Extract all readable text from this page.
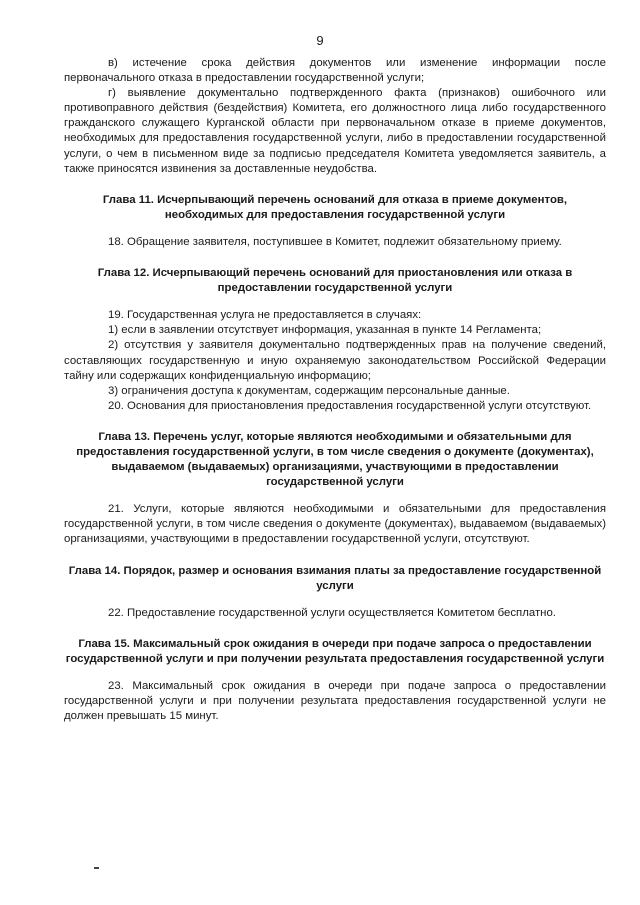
9

в) истечение срока действия документов или изменение информации после первоначального отказа в предоставлении государственной услуги;

г) выявление документально подтвержденного факта (признаков) ошибочного или противоправного действия (бездействия) Комитета, его должностного лица либо государственного гражданского служащего Курганской области при первоначальном отказе в приеме документов, необходимых для предоставления государственной услуги, либо в предоставлении государственной услуги, о чем в письменном виде за подписью председателя Комитета уведомляется заявитель, а также приносятся извинения за доставленные неудобства.

Глава 11. Исчерпывающий перечень оснований для отказа в приеме документов, необходимых для предоставления государственной услуги

18. Обращение заявителя, поступившее в Комитет, подлежит обязательному приему.

Глава 12. Исчерпывающий перечень оснований для приостановления или отказа в предоставлении государственной услуги

19. Государственная услуга не предоставляется в случаях:

1) если в заявлении отсутствует информация, указанная в пункте 14 Регламента;

2) отсутствия у заявителя документально подтвержденных прав на получение сведений, составляющих государственную и иную охраняемую законодательством Российской Федерации тайну или содержащих конфиденциальную информацию;

3) ограничения доступа к документам, содержащим персональные данные.

20. Основания для приостановления предоставления государственной услуги отсутствуют.

Глава 13. Перечень услуг, которые являются необходимыми и обязательными для предоставления государственной услуги, в том числе сведения о документе (документах), выдаваемом (выдаваемых) организациями, участвующими в предоставлении государственной услуги

21. Услуги, которые являются необходимыми и обязательными для предоставления государственной услуги, в том числе сведения о документе (документах), выдаваемом (выдаваемых) организациями, участвующими в предоставлении государственной услуги, отсутствуют.

Глава 14. Порядок, размер и основания взимания платы за предоставление государственной услуги

22. Предоставление государственной услуги осуществляется Комитетом бесплатно.

Глава 15. Максимальный срок ожидания в очереди при подаче запроса о предоставлении государственной услуги и при получении результата предоставления государственной услуги

23. Максимальный срок ожидания в очереди при подаче запроса о предоставлении государственной услуги и при получении результата предоставления государственной услуги не должен превышать 15 минут.
